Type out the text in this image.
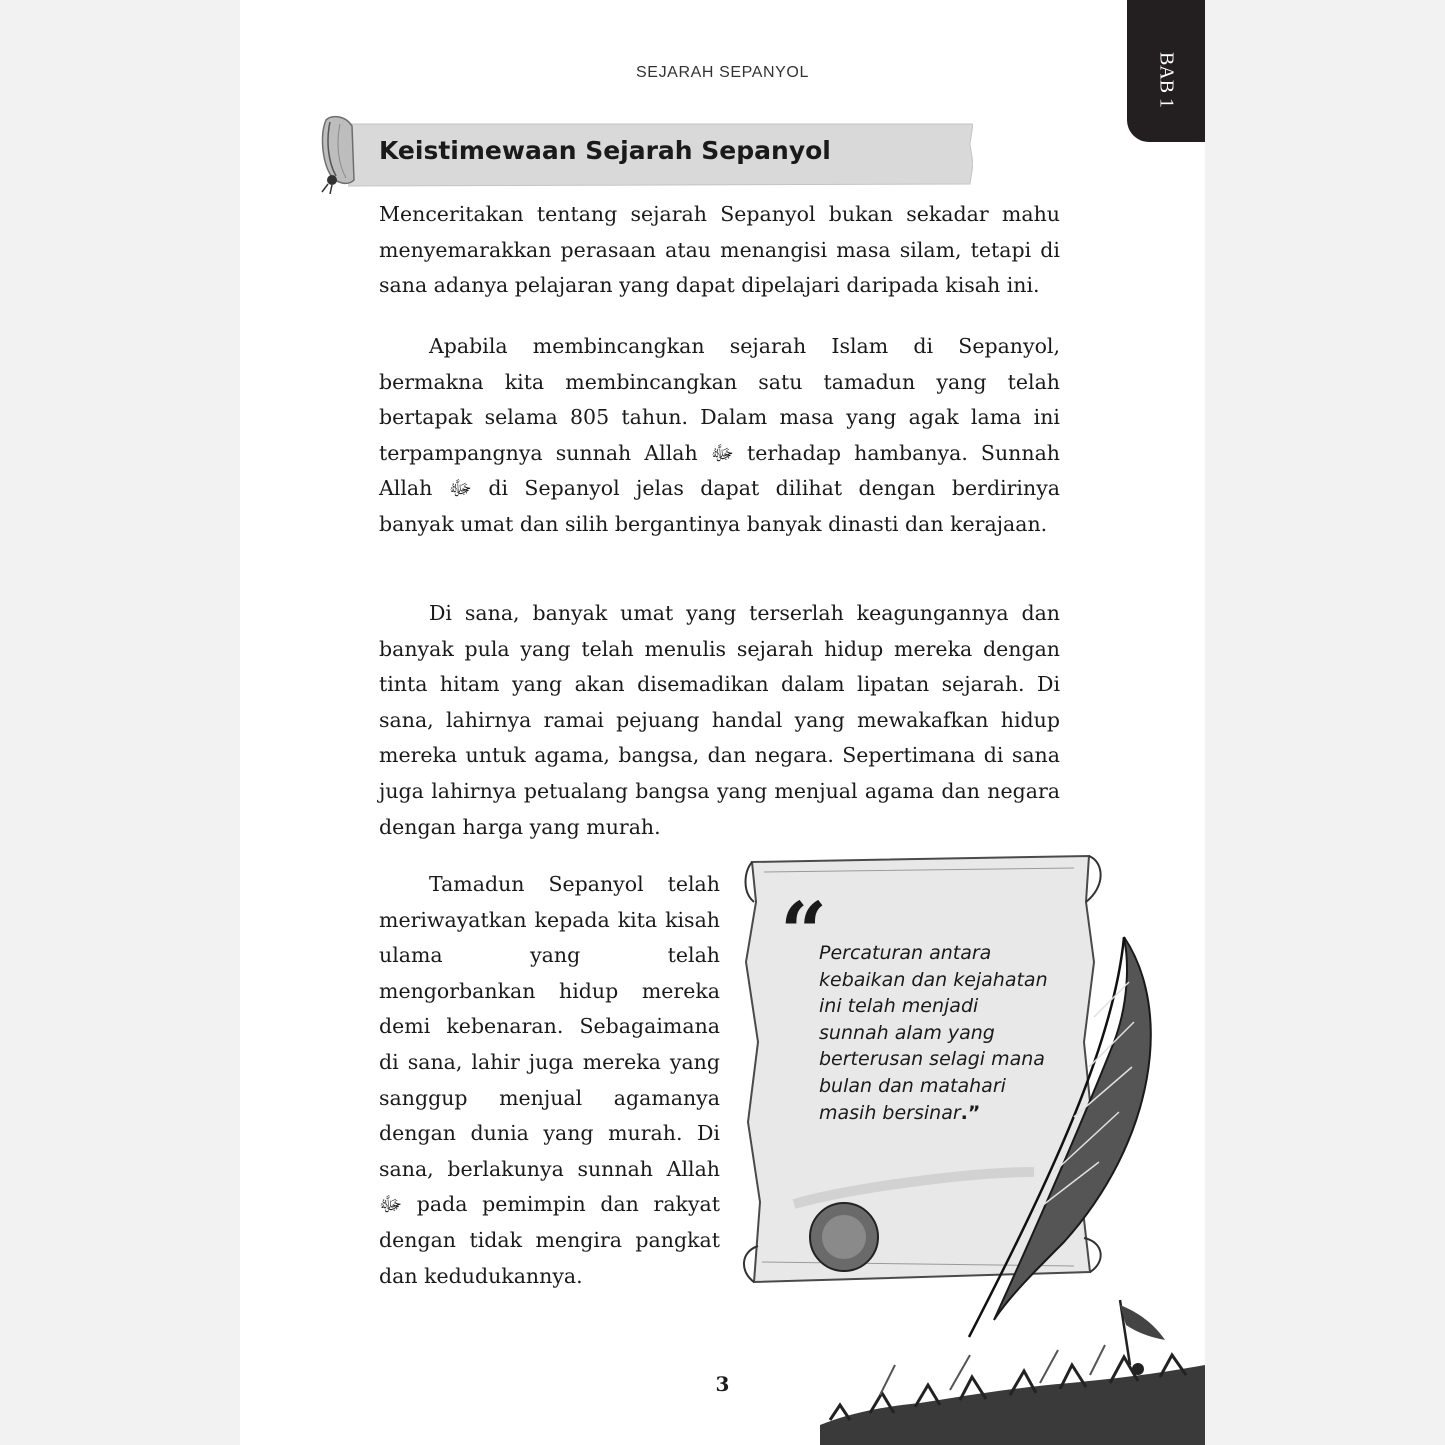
SEJARAH SEPANYOL	BAB 1
Keistimewaan Sejarah Sepanyol

Menceritakan tentang sejarah Sepanyol bukan sekadar mahu menyemarakkan perasaan atau menangisi masa silam, tetapi di sana adanya pelajaran yang dapat dipelajari daripada kisah ini.

Apabila membincangkan sejarah Islam di Sepanyol, bermakna kita membincangkan satu tamadun yang telah bertapak selama 805 tahun. Dalam masa yang agak lama ini terpampangnya sunnah Allah ﷻ terhadap hambanya. Sunnah Allah ﷻ di Sepanyol jelas dapat dilihat dengan berdirinya banyak umat dan silih bergantinya banyak dinasti dan kerajaan.

Di sana, banyak umat yang terserlah keagungannya dan banyak pula yang telah menulis sejarah hidup mereka dengan tinta hitam yang akan disemadikan dalam lipatan sejarah. Di sana, lahirnya ramai pejuang handal yang mewakafkan hidup mereka untuk agama, bangsa, dan negara. Sepertimana di sana juga lahirnya petualang bangsa yang menjual agama dan negara dengan harga yang murah.

Tamadun Sepanyol telah meriwayatkan kepada kita kisah ulama yang telah mengorbankan hidup mereka demi kebenaran. Sebagaimana di sana, lahir juga mereka yang sanggup menjual agamanya dengan dunia yang murah. Di sana, berlakunya sunnah Allah ﷻ pada pemimpin dan rakyat dengan tidak mengira pangkat dan kedudukannya.

“
Percaturan antara kebaikan dan kejahatan ini telah menjadi sunnah alam yang berterusan selagi mana bulan dan matahari masih bersinar.”
3
